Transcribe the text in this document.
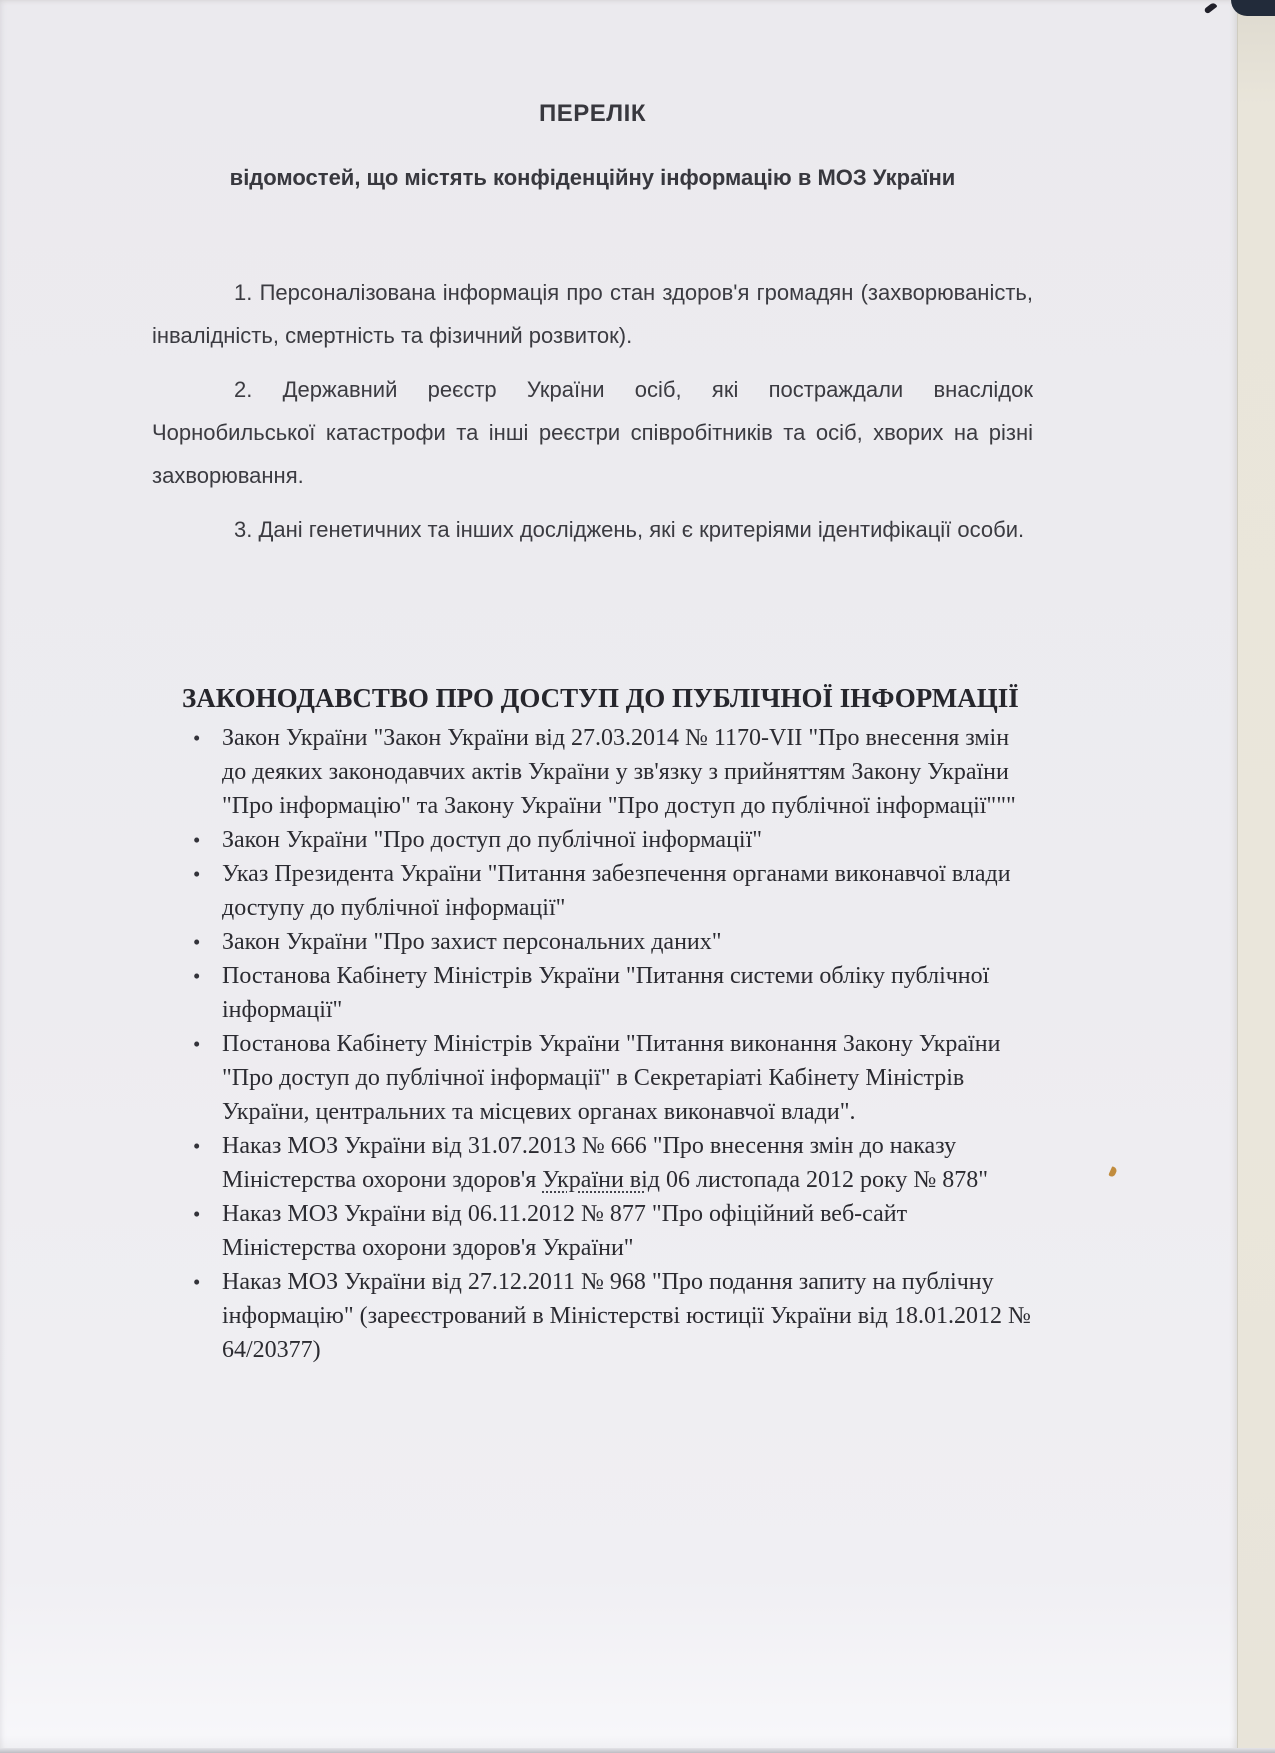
ПЕРЕЛІК
відомостей, що містять конфіденційну інформацію в МОЗ України

1. Персоналізована інформація про стан здоров'я громадян (захворюваність, інвалідність, смертність та фізичний розвиток).

2. Державний реєстр України осіб, які постраждали внаслідок Чорнобильської катастрофи та інші реєстри співробітників та осіб, хворих на різні захворювання.

3. Дані генетичних та інших досліджень, які є критеріями ідентифікації особи.

ЗАКОНОДАВСТВО ПРО ДОСТУП ДО ПУБЛІЧНОЇ ІНФОРМАЦІЇ
• Закон України "Закон України від 27.03.2014 № 1170-VII "Про внесення змін до деяких законодавчих актів України у зв'язку з прийняттям Закону України "Про інформацію" та Закону України "Про доступ до публічної інформації"""
• Закон України "Про доступ до публічної інформації"
• Указ Президента України "Питання забезпечення органами виконавчої влади доступу до публічної інформації"
• Закон України "Про захист персональних даних"
• Постанова Кабінету Міністрів України "Питання системи обліку публічної інформації"
• Постанова Кабінету Міністрів України "Питання виконання Закону України "Про доступ до публічної інформації" в Секретаріаті Кабінету Міністрів України, центральних та місцевих органах виконавчої влади".
• Наказ МОЗ України від 31.07.2013 № 666 "Про внесення змін до наказу Міністерства охорони здоров'я України від 06 листопада 2012 року № 878"
• Наказ МОЗ України від 06.11.2012 № 877 "Про офіційний веб-сайт Міністерства охорони здоров'я України"
• Наказ МОЗ України від 27.12.2011 № 968 "Про подання запиту на публічну інформацію" (зареєстрований в Міністерстві юстиції України від 18.01.2012 № 64/20377)
